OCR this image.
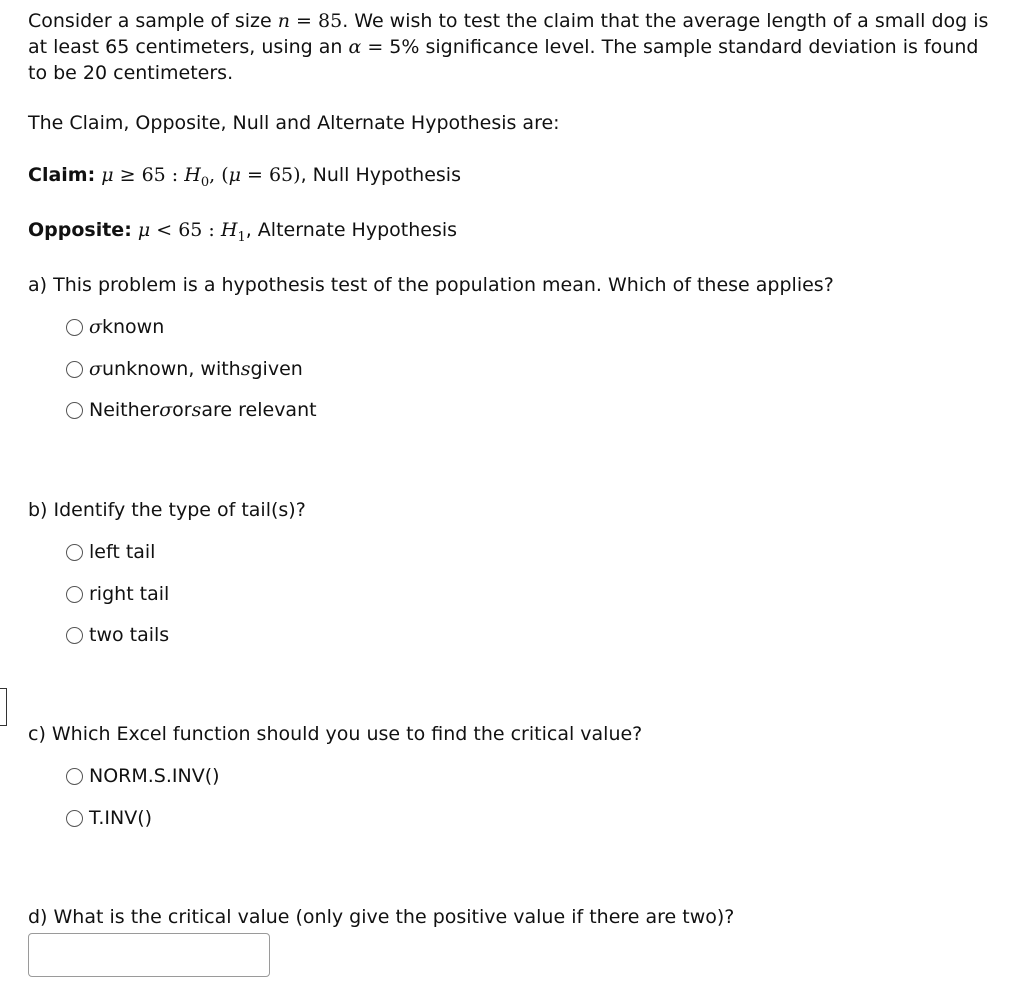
Consider a sample of size n = 85. We wish to test the claim that the average length of a small dog is at least 65 centimeters, using an α = 5% significance level. The sample standard deviation is found to be 20 centimeters.
The Claim, Opposite, Null and Alternate Hypothesis are:
Claim: μ ≥ 65 : $H_0$, (μ = 65), Null Hypothesis
Opposite: μ < 65 : $H_1$, Alternate Hypothesis
a) This problem is a hypothesis test of the population mean. Which of these applies?
σ known
σ unknown, with s given
Neither σ or s are relevant
b) Identify the type of tail(s)?
left tail
right tail
two tails
c) Which Excel function should you use to find the critical value?
NORM.S.INV()
T.INV()
d) What is the critical value (only give the positive value if there are two)?
